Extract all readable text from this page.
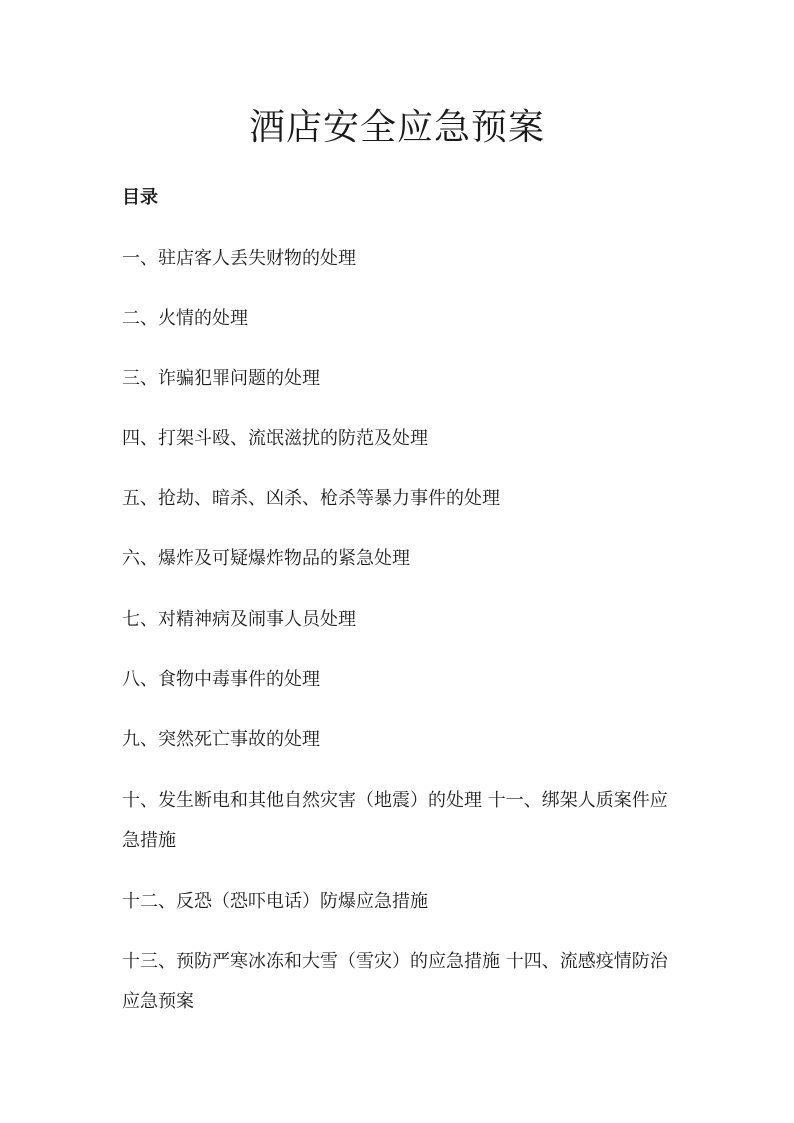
酒店安全应急预案

目录

一、驻店客人丢失财物的处理

二、火情的处理

三、诈骗犯罪问题的处理

四、打架斗殴、流氓滋扰的防范及处理

五、抢劫、暗杀、凶杀、枪杀等暴力事件的处理

六、爆炸及可疑爆炸物品的紧急处理

七、对精神病及闹事人员处理

八、食物中毒事件的处理

九、突然死亡事故的处理

十、发生断电和其他自然灾害（地震）的处理 十一、绑架人质案件应急措施

十二、反恐（恐吓电话）防爆应急措施

十三、预防严寒冰冻和大雪（雪灾）的应急措施 十四、流感疫情防治应急预案
